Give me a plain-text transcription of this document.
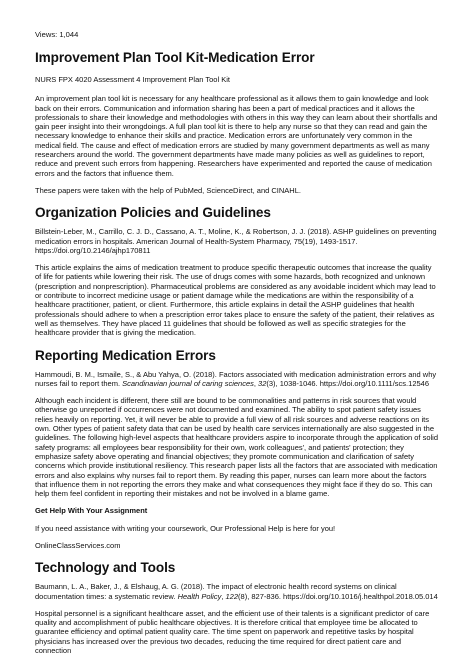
Views: 1,044
Improvement Plan Tool Kit-Medication Error

NURS FPX 4020 Assessment 4 Improvement Plan Tool Kit

An improvement plan tool kit is necessary for any healthcare professional as it allows them to gain knowledge and look back on their errors. Communication and information sharing has been a part of medical practices and it allows the professionals to share their knowledge and methodologies with others in this way they can learn about their shortfalls and gain peer insight into their wrongdoings. A full plan tool kit is there to help any nurse so that they can read and gain the necessary knowledge to enhance their skills and practice. Medication errors are unfortunately very common in the medical field. The cause and effect of medication errors are studied by many government departments as well as many researchers around the world. The government departments have made many policies as well as guidelines to report, reduce and prevent such errors from happening. Researchers have experimented and reported the cause of medication errors and the factors that influence them.

These papers were taken with the help of PubMed, ScienceDirect, and CINAHL.

Organization Policies and Guidelines

Billstein-Leber, M., Carrillo, C. J. D., Cassano, A. T., Moline, K., & Robertson, J. J. (2018). ASHP guidelines on preventing medication errors in hospitals. American Journal of Health-System Pharmacy, 75(19), 1493-1517. https://doi.org/10.2146/ajhp170811

This article explains the aims of medication treatment to produce specific therapeutic outcomes that increase the quality of life for patients while lowering their risk. The use of drugs comes with some hazards, both recognized and unknown (prescription and nonprescription). Pharmaceutical problems are considered as any avoidable incident which may lead to or contribute to incorrect medicine usage or patient damage while the medications are within the responsibility of a healthcare practitioner, patient, or client. Furthermore, this article explains in detail the ASHP guidelines that health professionals should adhere to when a prescription error takes place to ensure the safety of the patient, their relatives as well as themselves. They have placed 11 guidelines that should be followed as well as specific strategies for the healthcare provider that is giving the medication.

Reporting Medication Errors

Hammoudi, B. M., Ismaile, S., & Abu Yahya, O. (2018). Factors associated with medication administration errors and why nurses fail to report them. Scandinavian journal of caring sciences, 32(3), 1038-1046. https://doi.org/10.1111/scs.12546

Although each incident is different, there still are bound to be commonalities and patterns in risk sources that would otherwise go unreported if occurrences were not documented and examined. The ability to spot patient safety issues relies heavily on reporting. Yet, it will never be able to provide a full view of all risk sources and adverse reactions on its own. Other types of patient safety data that can be used by health care services internationally are also suggested in the guidelines. The following high-level aspects that healthcare providers aspire to incorporate through the application of solid safety programs: all employees bear responsibility for their own, work colleagues', and patients' protection; they emphasize safety above operating and financial objectives; they promote communication and clarification of safety concerns which provide institutional resiliency. This research paper lists all the factors that are associated with medication errors and also explains why nurses fail to report them. By reading this paper, nurses can learn more about the factors that influence them in not reporting the errors they make and what consequences they might face if they do so. This can help them feel confident in reporting their mistakes and not be involved in a blame game.

Get Help With Your Assignment

If you need assistance with writing your coursework, Our Professional Help is here for you!

OnlineClassServices.com

Technology and Tools

Baumann, L. A., Baker, J., & Elshaug, A. G. (2018). The impact of electronic health record systems on clinical documentation times: a systematic review. Health Policy, 122(8), 827-836. https://doi.org/10.1016/j.healthpol.2018.05.014

Hospital personnel is a significant healthcare asset, and the efficient use of their talents is a significant predictor of care quality and accomplishment of public healthcare objectives. It is therefore critical that employee time be allocated to guarantee efficiency and optimal patient quality care. The time spent on paperwork and repetitive tasks by hospital physicians has increased over the previous two decades, reducing the time required for direct patient care and connection
